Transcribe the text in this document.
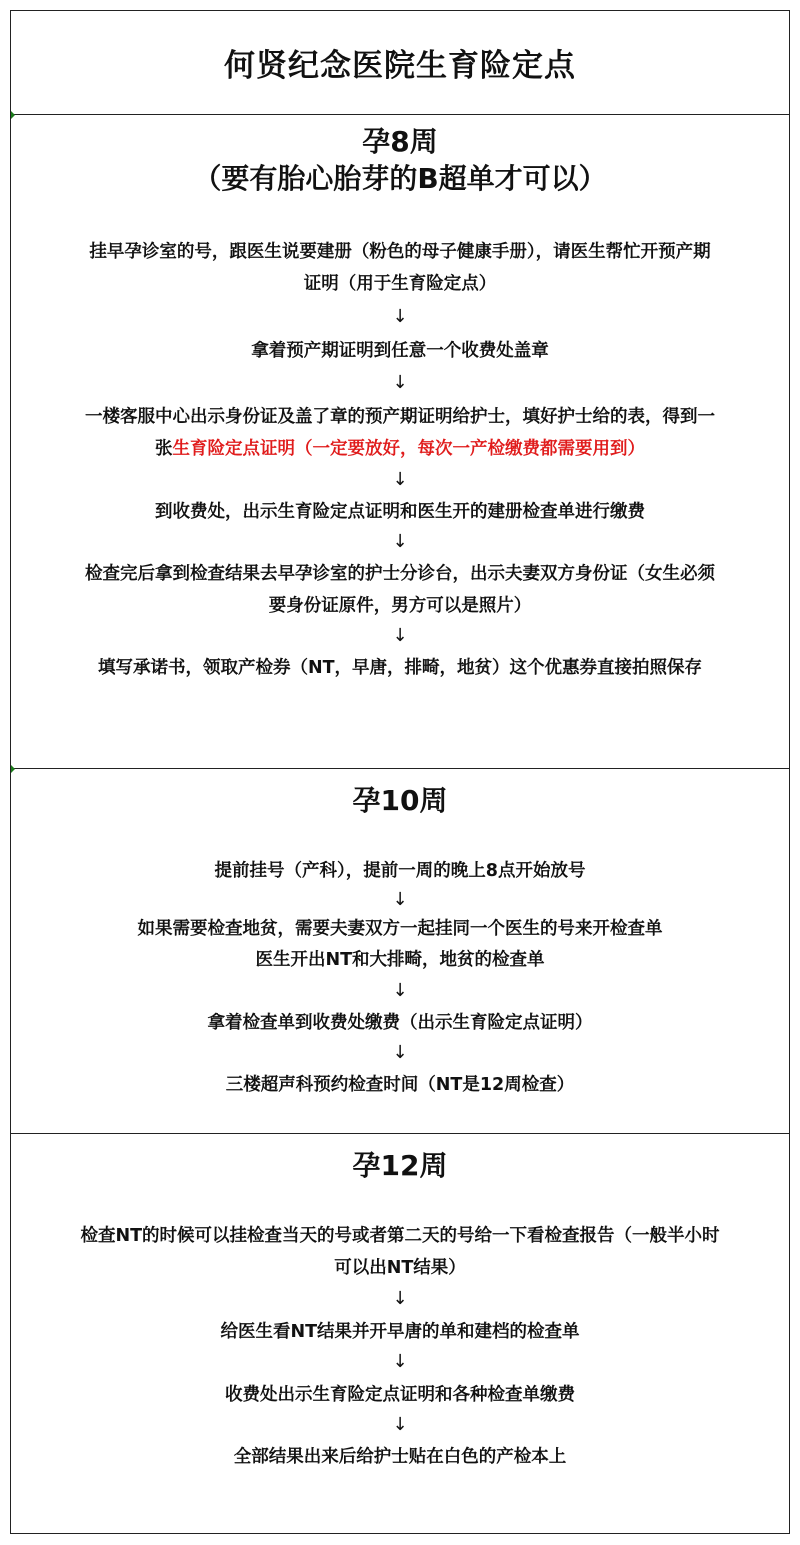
何贤纪念医院生育险定点
孕8周
（要有胎心胎芽的B超单才可以）
挂早孕诊室的号，跟医生说要建册（粉色的母子健康手册），请医生帮忙开预产期
证明（用于生育险定点）
↓
拿着预产期证明到任意一个收费处盖章
↓
一楼客服中心出示身份证及盖了章的预产期证明给护士，填好护士给的表，得到一
张生育险定点证明（一定要放好，每次一产检缴费都需要用到）
↓
到收费处，出示生育险定点证明和医生开的建册检查单进行缴费
↓
检查完后拿到检查结果去早孕诊室的护士分诊台，出示夫妻双方身份证（女生必须
要身份证原件，男方可以是照片）
↓
填写承诺书，领取产检券（NT，早唐，排畸，地贫）这个优惠券直接拍照保存
孕10周
提前挂号（产科），提前一周的晚上8点开始放号
↓
如果需要检查地贫，需要夫妻双方一起挂同一个医生的号来开检查单
医生开出NT和大排畸，地贫的检查单
↓
拿着检查单到收费处缴费（出示生育险定点证明）
↓
三楼超声科预约检查时间（NT是12周检查）
孕12周
检查NT的时候可以挂检查当天的号或者第二天的号给一下看检查报告（一般半小时
可以出NT结果）
↓
给医生看NT结果并开早唐的单和建档的检查单
↓
收费处出示生育险定点证明和各种检查单缴费
↓
全部结果出来后给护士贴在白色的产检本上
